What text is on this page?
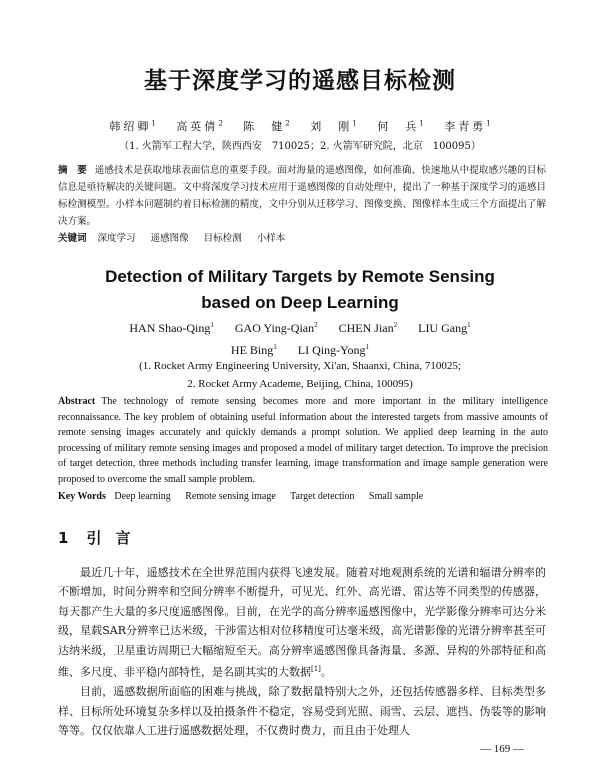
基于深度学习的遥感目标检测
韩绍卿$^1$　 高英倩$^2$　 陈　健$^2$　 刘　刚$^1$　 何　兵$^1$　 李青勇$^1$
（1. 火箭军工程大学，陕西西安　710025；2. 火箭军研究院，北京　100095）
摘　要 遥感技术是获取地球表面信息的重要手段。面对海量的遥感图像，如何准确、快速地从中提取感兴趣的目标信息是亟待解决的关键问题。文中将深度学习技术应用于遥感图像的自动处理中，提出了一种基于深度学习的遥感目标检测模型。小样本问题制约着目标检测的精度，文中分别从迁移学习、图像变换、图像样本生成三个方面提出了解决方案。
关键词 深度学习 遥感图像 目标检测 小样本
Detection of Military Targets by Remote Sensing
based on Deep Learning
HAN Shao-Qing$^1$ GAO Ying-Qian$^2$ CHEN Jian$^2$ LIU Gang$^1$
HE Bing$^1$ LI Qing-Yong$^1$
(1. Rocket Army Engineering University, Xi'an, Shaanxi, China, 710025;
2. Rocket Army Academe, Beijing, China, 100095)
Abstract The technology of remote sensing becomes more and more important in the military intelligence reconnaissance. The key problem of obtaining useful information about the interested targets from massive amounts of remote sensing images accurately and quickly demands a prompt solution. We applied deep learning in the auto processing of military remote sensing images and proposed a model of military target detection. To improve the precision of target detection, three methods including transfer learning, image transformation and image sample generation were proposed to overcome the small sample problem.
Key Words Deep learning Remote sensing image Target detection Small sample
1 引言

最近几十年，遥感技术在全世界范围内获得飞速发展。随着对地观测系统的光谱和辐谱分辨率的不断增加，时间分辨率和空间分辨率不断提升，可见光、红外、高光谱、雷达等不同类型的传感器，每天都产生大量的多尺度遥感图像。目前，在光学的高分辨率遥感图像中，光学影像分辨率可达分米级，星载SAR分辨率已达米级，干涉雷达相对位移精度可达毫米级，高光谱影像的光谱分辨率甚至可达纳米级，卫星重访周期已大幅缩短至天。高分辨率遥感图像具备海量、多源、异构的外部特征和高维、多尺度、非平稳内部特性，是名副其实的大数据[1]。

目前，遥感数据所面临的困难与挑战，除了数据量特别大之外，还包括传感器多样、目标类型多样、目标所处环境复杂多样以及拍摄条件不稳定，容易受到光照、雨雪、云层、遮挡、伪装等的影响等等。仅仅依靠人工进行遥感数据处理，不仅费时费力，而且由于处理人

— 169 —
